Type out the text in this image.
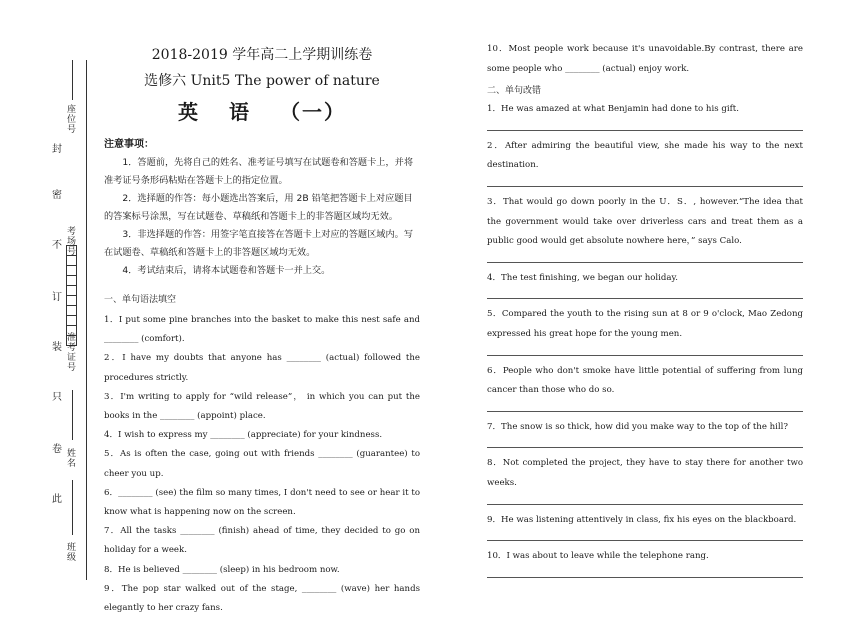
座位号
考场号
准考证号
姓名
班级
封
密
不
订
装
只
卷
此
2018-2019 学年高二上学期训练卷
选修六 Unit5 The power of nature
英 语 （一）
注意事项：
1．答题前，先将自己的姓名、准考证号填写在试题卷和答题卡上，并将准考证号条形码粘贴在答题卡上的指定位置。
2．选择题的作答：每小题选出答案后，用 2B 铅笔把答题卡上对应题目的答案标号涂黑，写在试题卷、草稿纸和答题卡上的非答题区域均无效。
3．非选择题的作答：用签字笔直接答在答题卡上对应的答题区域内。写在试题卷、草稿纸和答题卡上的非答题区域均无效。
4．考试结束后，请将本试题卷和答题卡一并上交。
一、单句语法填空
1．I put some pine branches into the basket to make this nest safe and ________ (comfort).
2．I have my doubts that anyone has ________ (actual) followed the procedures strictly.
3．I'm writing to apply for “wild release”， in which you can put the books in the ________ (appoint) place.
4．I wish to express my ________ (appreciate) for your kindness.
5．As is often the case, going out with friends ________ (guarantee) to cheer you up.
6．________ (see) the film so many times, I don't need to see or hear it to know what is happening now on the screen.
7．All the tasks ________ (finish) ahead of time, they decided to go on holiday for a week.
8．He is believed ________ (sleep) in his bedroom now.
9．The pop star walked out of the stage, ________ (wave) her hands elegantly to her crazy fans.
10．Most people work because it's unavoidable.By contrast, there are some people who ________ (actual) enjoy work.
二、单句改错
1．He was amazed at what Benjamin had done to his gift.
2．After admiring the beautiful view, she made his way to the next destination.
3．That would go down poorly in the U．S．, however.“The idea that the government would take over driverless cars and treat them as a public good would get absolute nowhere here，” says Calo.
4．The test finishing, we began our holiday.
5．Compared the youth to the rising sun at 8 or 9 o'clock, Mao Zedong expressed his great hope for the young men.
6．People who don't smoke have little potential of suffering from lung cancer than those who do so.
7．The snow is so thick, how did you make way to the top of the hill?
8．Not completed the project, they have to stay there for another two weeks.
9．He was listening attentively in class, fix his eyes on the blackboard.
10．I was about to leave while the telephone rang.
